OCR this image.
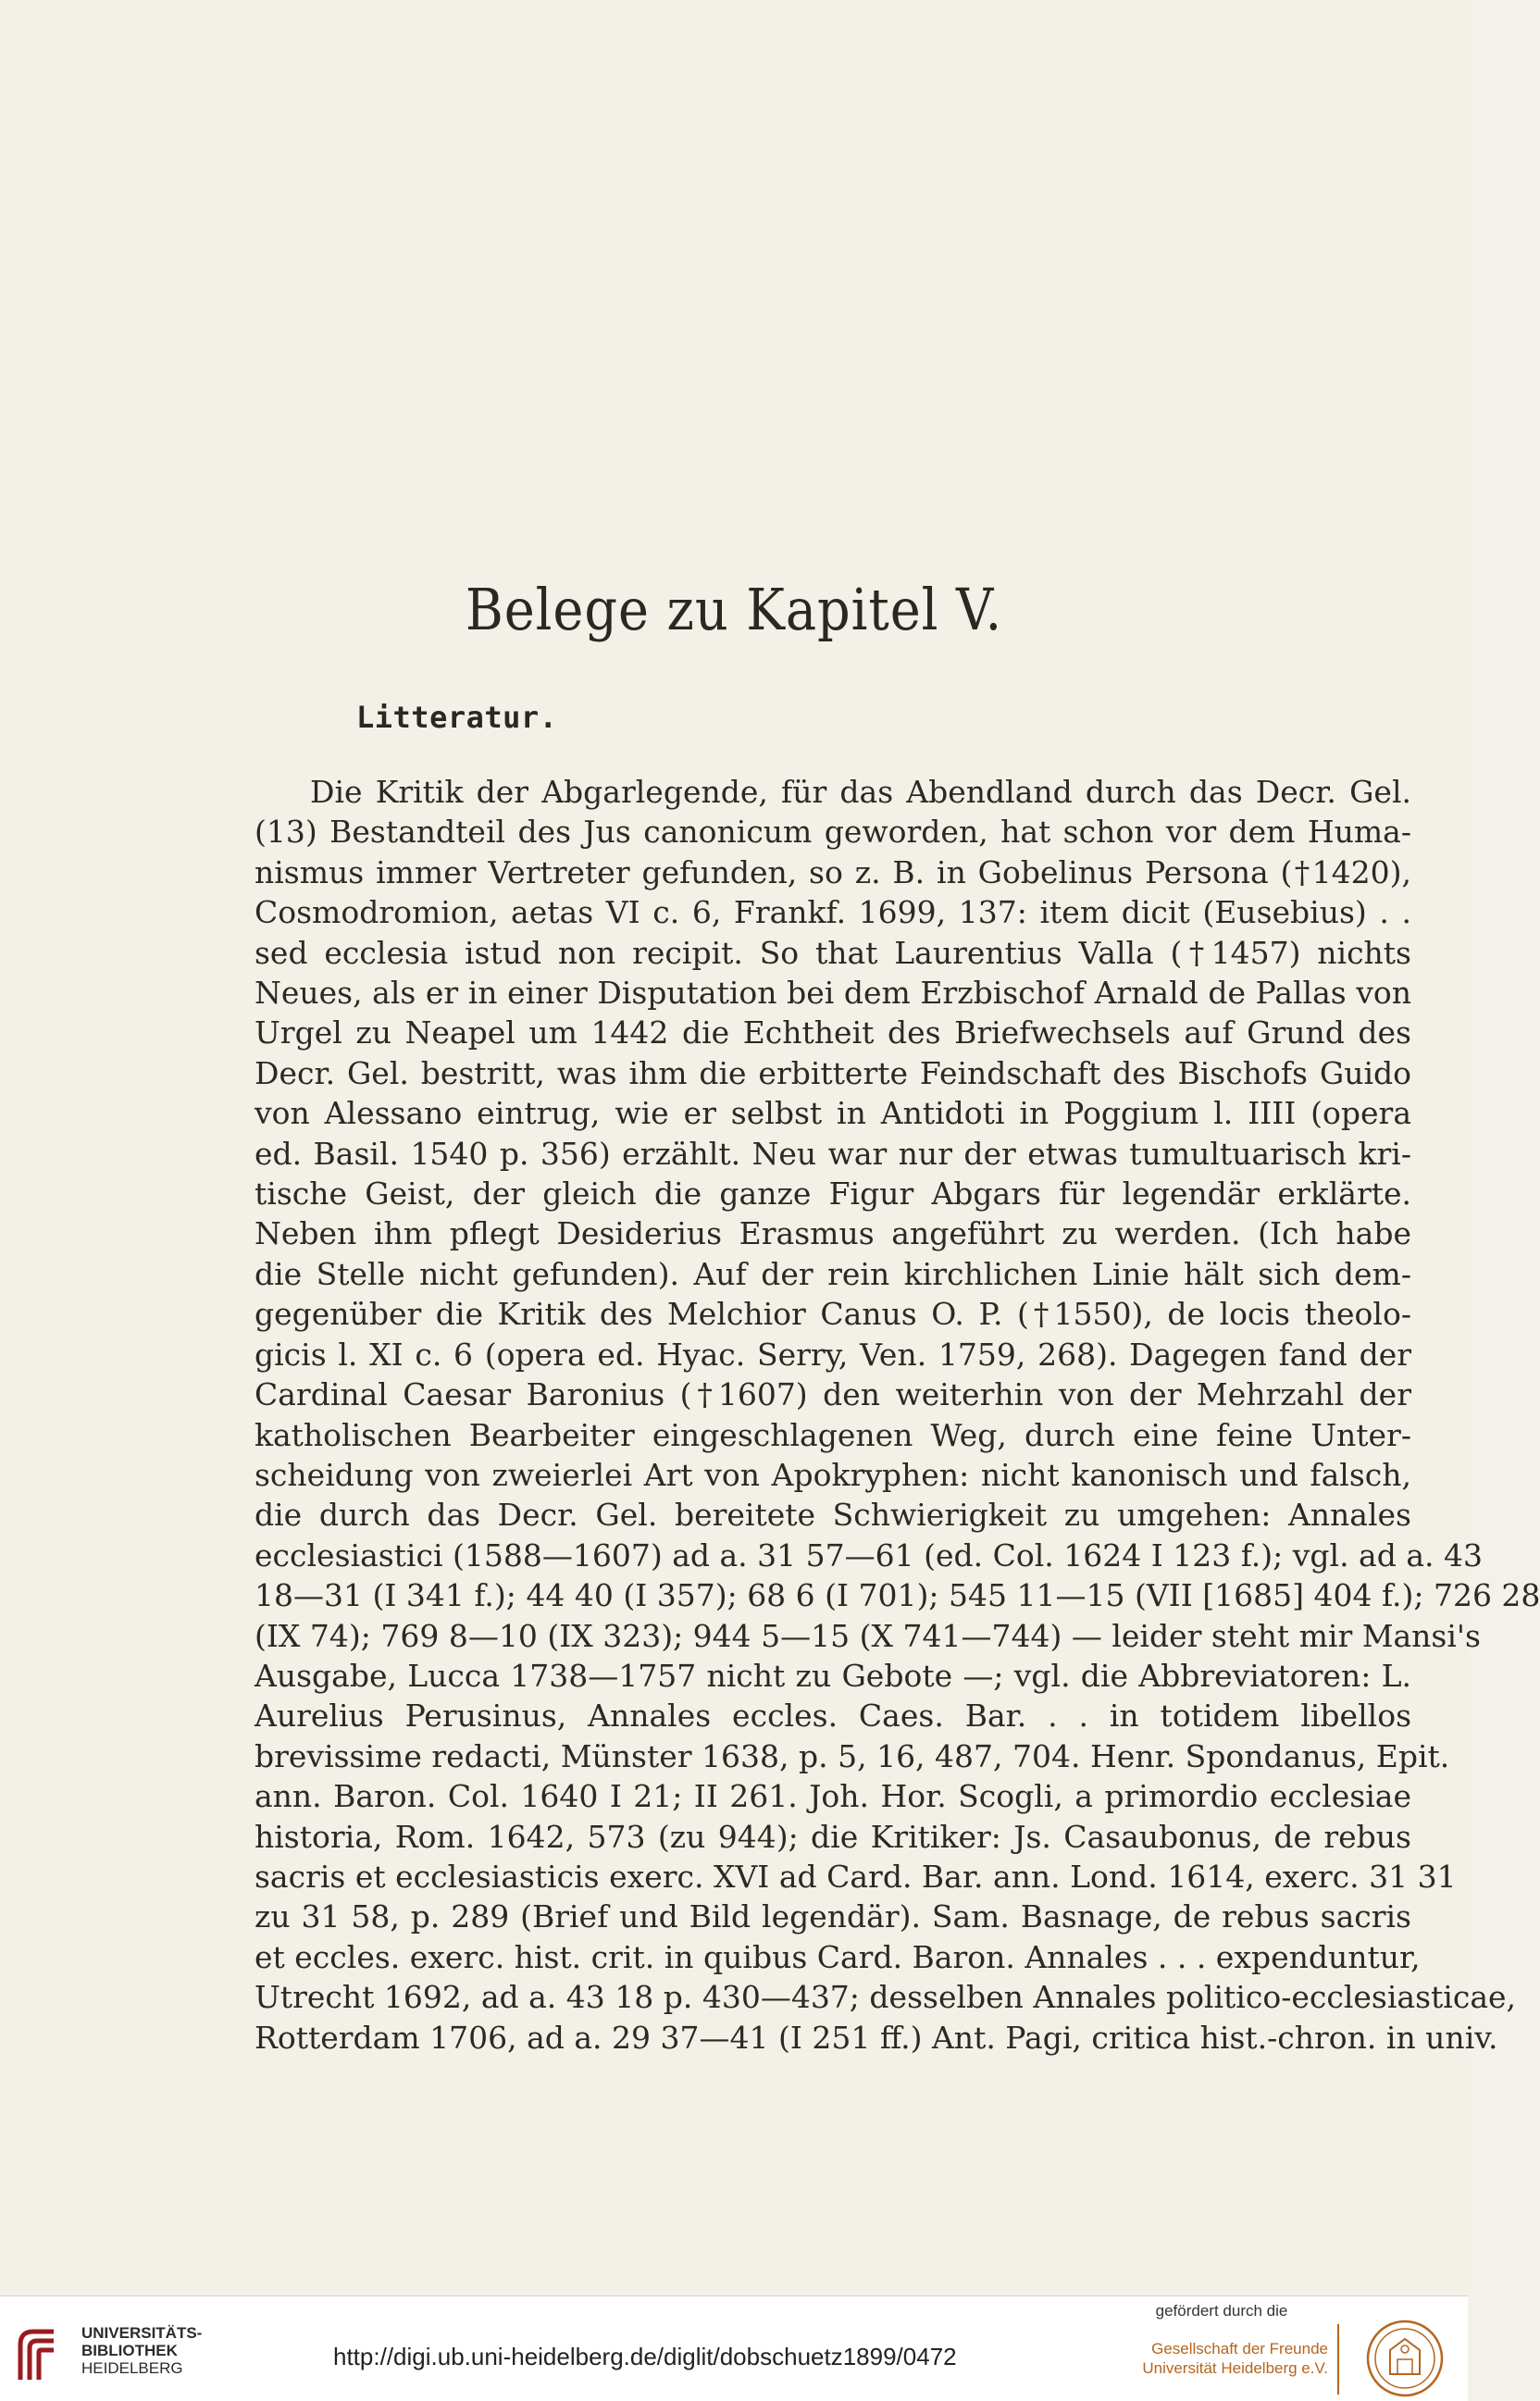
Belege zu Kapitel V.
Litteratur.
Die Kritik der Abgarlegende, für das Abendland durch das Decr. Gel.
(13) Bestandteil des Jus canonicum geworden, hat schon vor dem Huma-
nismus immer Vertreter gefunden, so z. B. in Gobelinus Persona (†1420),
Cosmodromion, aetas VI c. 6, Frankf. 1699, 137: item dicit (Eusebius) . .
sed ecclesia istud non recipit. So that Laurentius Valla (†1457) nichts
Neues, als er in einer Disputation bei dem Erzbischof Arnald de Pallas von
Urgel zu Neapel um 1442 die Echtheit des Briefwechsels auf Grund des
Decr. Gel. bestritt, was ihm die erbitterte Feindschaft des Bischofs Guido
von Alessano eintrug, wie er selbst in Antidoti in Poggium l. IIII (opera
ed. Basil. 1540 p. 356) erzählt. Neu war nur der etwas tumultuarisch kri-
tische Geist, der gleich die ganze Figur Abgars für legendär erklärte.
Neben ihm pflegt Desiderius Erasmus angeführt zu werden. (Ich habe
die Stelle nicht gefunden). Auf der rein kirchlichen Linie hält sich dem-
gegenüber die Kritik des Melchior Canus O. P. (†1550), de locis theolo-
gicis l. XI c. 6 (opera ed. Hyac. Serry, Ven. 1759, 268). Dagegen fand der
Cardinal Caesar Baronius (†1607) den weiterhin von der Mehrzahl der
katholischen Bearbeiter eingeschlagenen Weg, durch eine feine Unter-
scheidung von zweierlei Art von Apokryphen: nicht kanonisch und falsch,
die durch das Decr. Gel. bereitete Schwierigkeit zu umgehen: Annales
ecclesiastici (1588—1607) ad a. 31 57—61 (ed. Col. 1624 I 123 f.); vgl. ad a. 43
18—31 (I 341 f.); 44 40 (I 357); 68 6 (I 701); 545 11—15 (VII [1685] 404 f.); 726 28
(IX 74); 769 8—10 (IX 323); 944 5—15 (X 741—744) — leider steht mir Mansi's
Ausgabe, Lucca 1738—1757 nicht zu Gebote —; vgl. die Abbreviatoren: L.
Aurelius Perusinus, Annales eccles. Caes. Bar. . . in totidem libellos
brevissime redacti, Münster 1638, p. 5, 16, 487, 704. Henr. Spondanus, Epit.
ann. Baron. Col. 1640 I 21; II 261. Joh. Hor. Scogli, a primordio ecclesiae
historia, Rom. 1642, 573 (zu 944); die Kritiker: Js. Casaubonus, de rebus
sacris et ecclesiasticis exerc. XVI ad Card. Bar. ann. Lond. 1614, exerc. 31 31
zu 31 58, p. 289 (Brief und Bild legendär). Sam. Basnage, de rebus sacris
et eccles. exerc. hist. crit. in quibus Card. Baron. Annales . . . expenduntur,
Utrecht 1692, ad a. 43 18 p. 430—437; desselben Annales politico-ecclesiasticae,
Rotterdam 1706, ad a. 29 37—41 (I 251 ff.) Ant. Pagi, critica hist.-chron. in univ.
UNIVERSITÄTS-
BIBLIOTHEK
HEIDELBERG	http://digi.ub.uni-heidelberg.de/diglit/dobschuetz1899/0472
gefördert durch die
Gesellschaft der Freunde
Universität Heidelberg e.V.
